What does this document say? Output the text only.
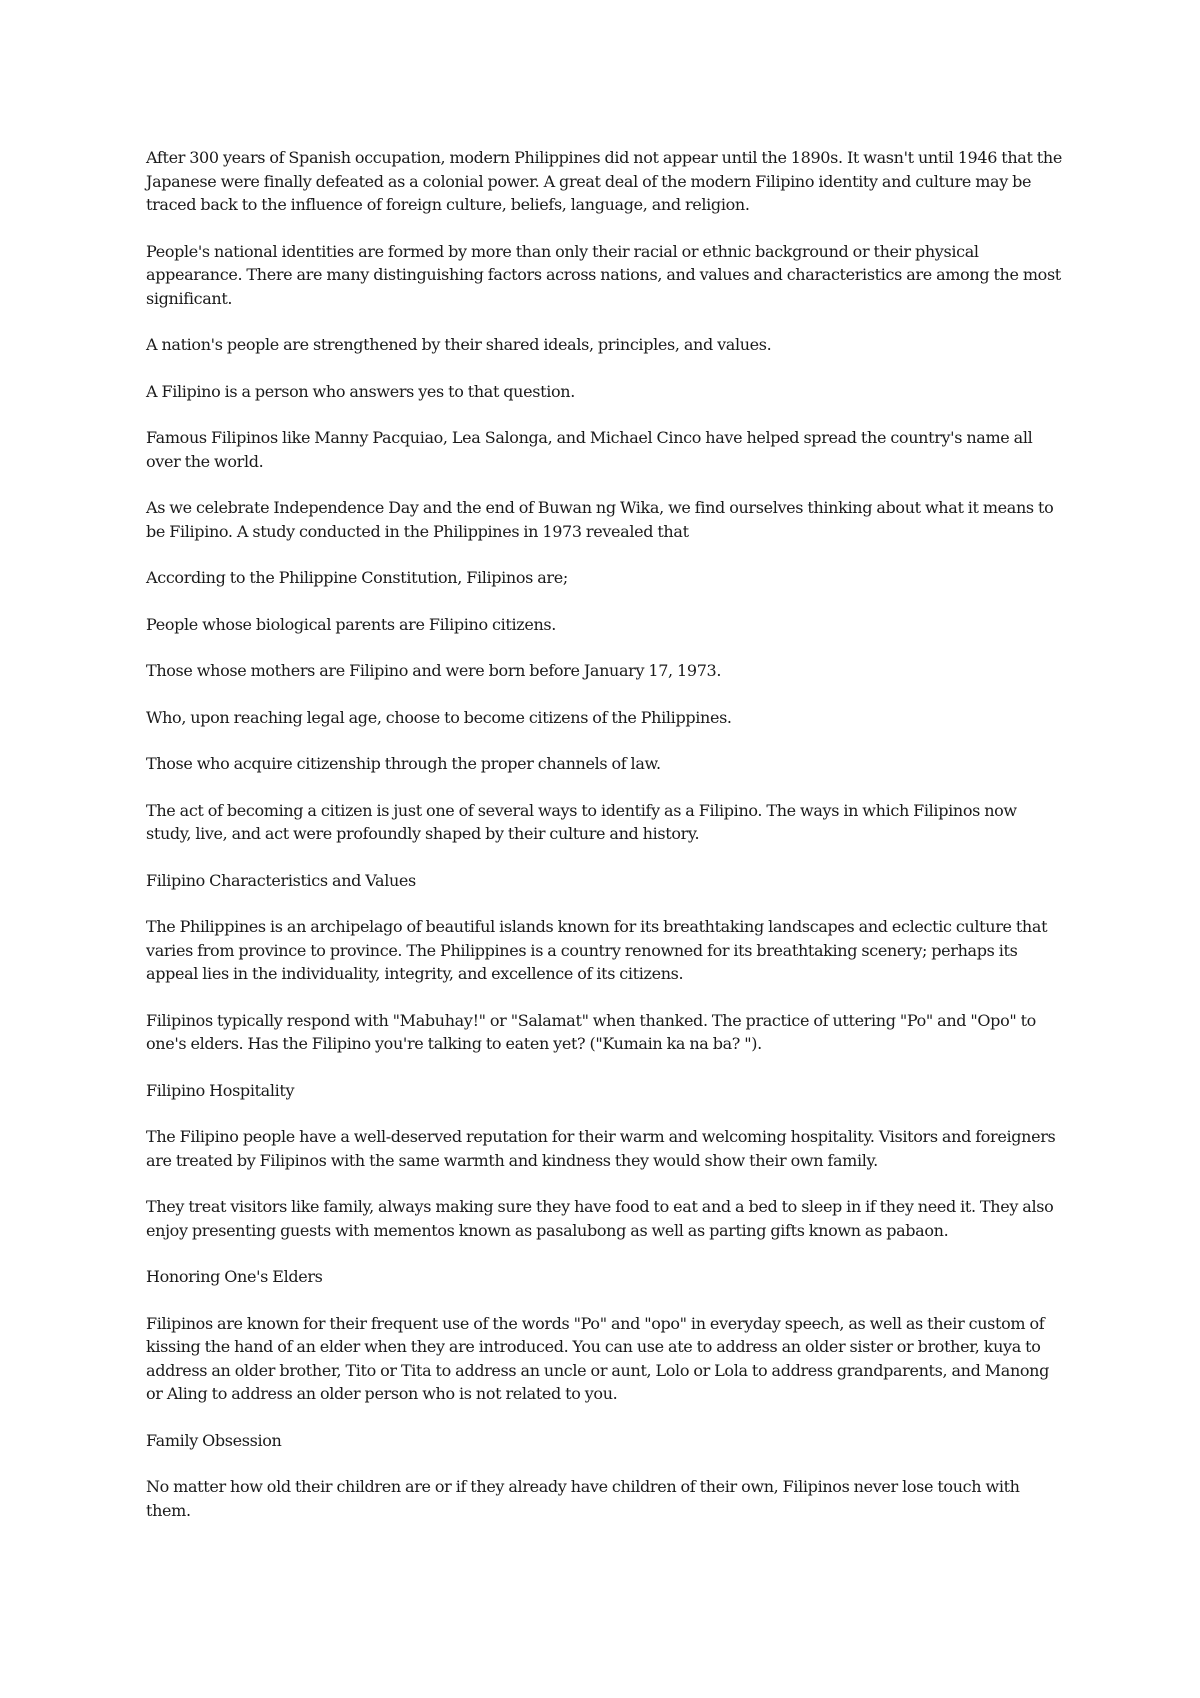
After 300 years of Spanish occupation, modern Philippines did not appear until the 1890s. It wasn't until 1946 that the Japanese were finally defeated as a colonial power. A great deal of the modern Filipino identity and culture may be traced back to the influence of foreign culture, beliefs, language, and religion.

People's national identities are formed by more than only their racial or ethnic background or their physical appearance. There are many distinguishing factors across nations, and values and characteristics are among the most significant.

A nation's people are strengthened by their shared ideals, principles, and values.

A Filipino is a person who answers yes to that question.

Famous Filipinos like Manny Pacquiao, Lea Salonga, and Michael Cinco have helped spread the country's name all over the world.

As we celebrate Independence Day and the end of Buwan ng Wika, we find ourselves thinking about what it means to be Filipino. A study conducted in the Philippines in 1973 revealed that

According to the Philippine Constitution, Filipinos are;

People whose biological parents are Filipino citizens.

Those whose mothers are Filipino and were born before January 17, 1973.

Who, upon reaching legal age, choose to become citizens of the Philippines.

Those who acquire citizenship through the proper channels of law.

The act of becoming a citizen is just one of several ways to identify as a Filipino. The ways in which Filipinos now study, live, and act were profoundly shaped by their culture and history.

Filipino Characteristics and Values

The Philippines is an archipelago of beautiful islands known for its breathtaking landscapes and eclectic culture that varies from province to province. The Philippines is a country renowned for its breathtaking scenery; perhaps its appeal lies in the individuality, integrity, and excellence of its citizens.

Filipinos typically respond with "Mabuhay!" or "Salamat" when thanked. The practice of uttering "Po" and "Opo" to one's elders. Has the Filipino you're talking to eaten yet? ("Kumain ka na ba? ").

Filipino Hospitality

The Filipino people have a well-deserved reputation for their warm and welcoming hospitality. Visitors and foreigners are treated by Filipinos with the same warmth and kindness they would show their own family.

They treat visitors like family, always making sure they have food to eat and a bed to sleep in if they need it. They also enjoy presenting guests with mementos known as pasalubong as well as parting gifts known as pabaon.

Honoring One's Elders

Filipinos are known for their frequent use of the words "Po" and "opo" in everyday speech, as well as their custom of kissing the hand of an elder when they are introduced. You can use ate to address an older sister or brother, kuya to address an older brother, Tito or Tita to address an uncle or aunt, Lolo or Lola to address grandparents, and Manong or Aling to address an older person who is not related to you.

Family Obsession

No matter how old their children are or if they already have children of their own, Filipinos never lose touch with them.
